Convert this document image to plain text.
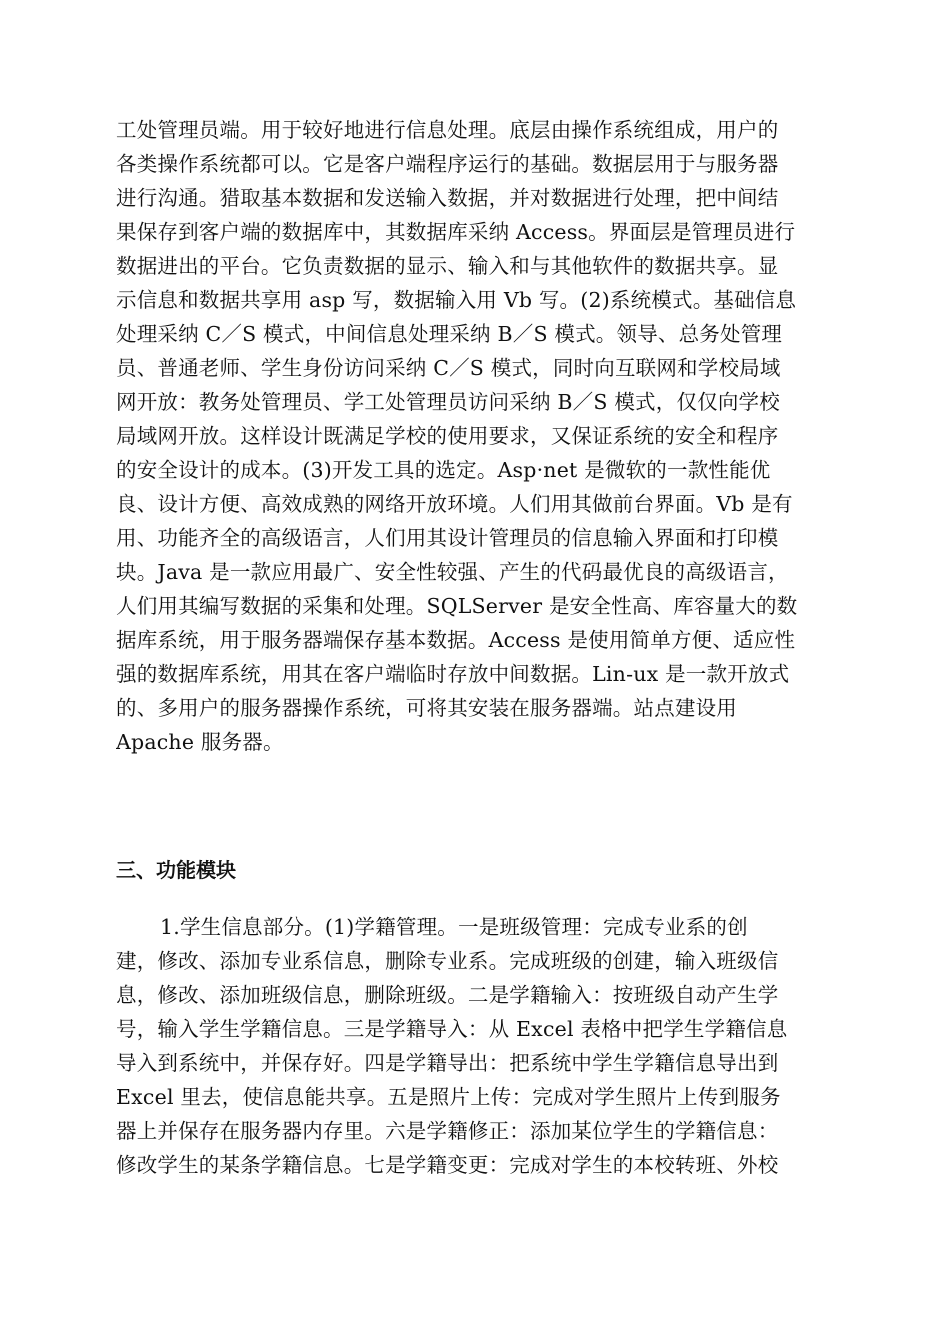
工处管理员端。用于较好地进行信息处理。底层由操作系统组成，用户的
各类操作系统都可以。它是客户端程序运行的基础。数据层用于与服务器
进行沟通。猎取基本数据和发送输入数据，并对数据进行处理，把中间结
果保存到客户端的数据库中，其数据库采纳 Access。界面层是管理员进行
数据进出的平台。它负责数据的显示、输入和与其他软件的数据共享。显
示信息和数据共享用 asp 写，数据输入用 Vb 写。(2)系统模式。基础信息
处理采纳 C／S 模式，中间信息处理采纳 B／S 模式。领导、总务处管理
员、普通老师、学生身份访问采纳 C／S 模式，同时向互联网和学校局域
网开放：教务处管理员、学工处管理员访问采纳 B／S 模式，仅仅向学校
局域网开放。这样设计既满足学校的使用要求，又保证系统的安全和程序
的安全设计的成本。(3)开发工具的选定。Asp·net 是微软的一款性能优
良、设计方便、高效成熟的网络开放环境。人们用其做前台界面。Vb 是有
用、功能齐全的高级语言，人们用其设计管理员的信息输入界面和打印模
块。Java 是一款应用最广、安全性较强、产生的代码最优良的高级语言，
人们用其编写数据的采集和处理。SQLServer 是安全性高、库容量大的数
据库系统，用于服务器端保存基本数据。Access 是使用简单方便、适应性
强的数据库系统，用其在客户端临时存放中间数据。Lin-ux 是一款开放式
的、多用户的服务器操作系统，可将其安装在服务器端。站点建设用
Apache 服务器。
三、功能模块
1.学生信息部分。(1)学籍管理。一是班级管理：完成专业系的创
建，修改、添加专业系信息，删除专业系。完成班级的创建，输入班级信
息，修改、添加班级信息，删除班级。二是学籍输入：按班级自动产生学
号，输入学生学籍信息。三是学籍导入：从 Excel 表格中把学生学籍信息
导入到系统中，并保存好。四是学籍导出：把系统中学生学籍信息导出到
Excel 里去，使信息能共享。五是照片上传：完成对学生照片上传到服务
器上并保存在服务器内存里。六是学籍修正：添加某位学生的学籍信息：
修改学生的某条学籍信息。七是学籍变更：完成对学生的本校转班、外校
